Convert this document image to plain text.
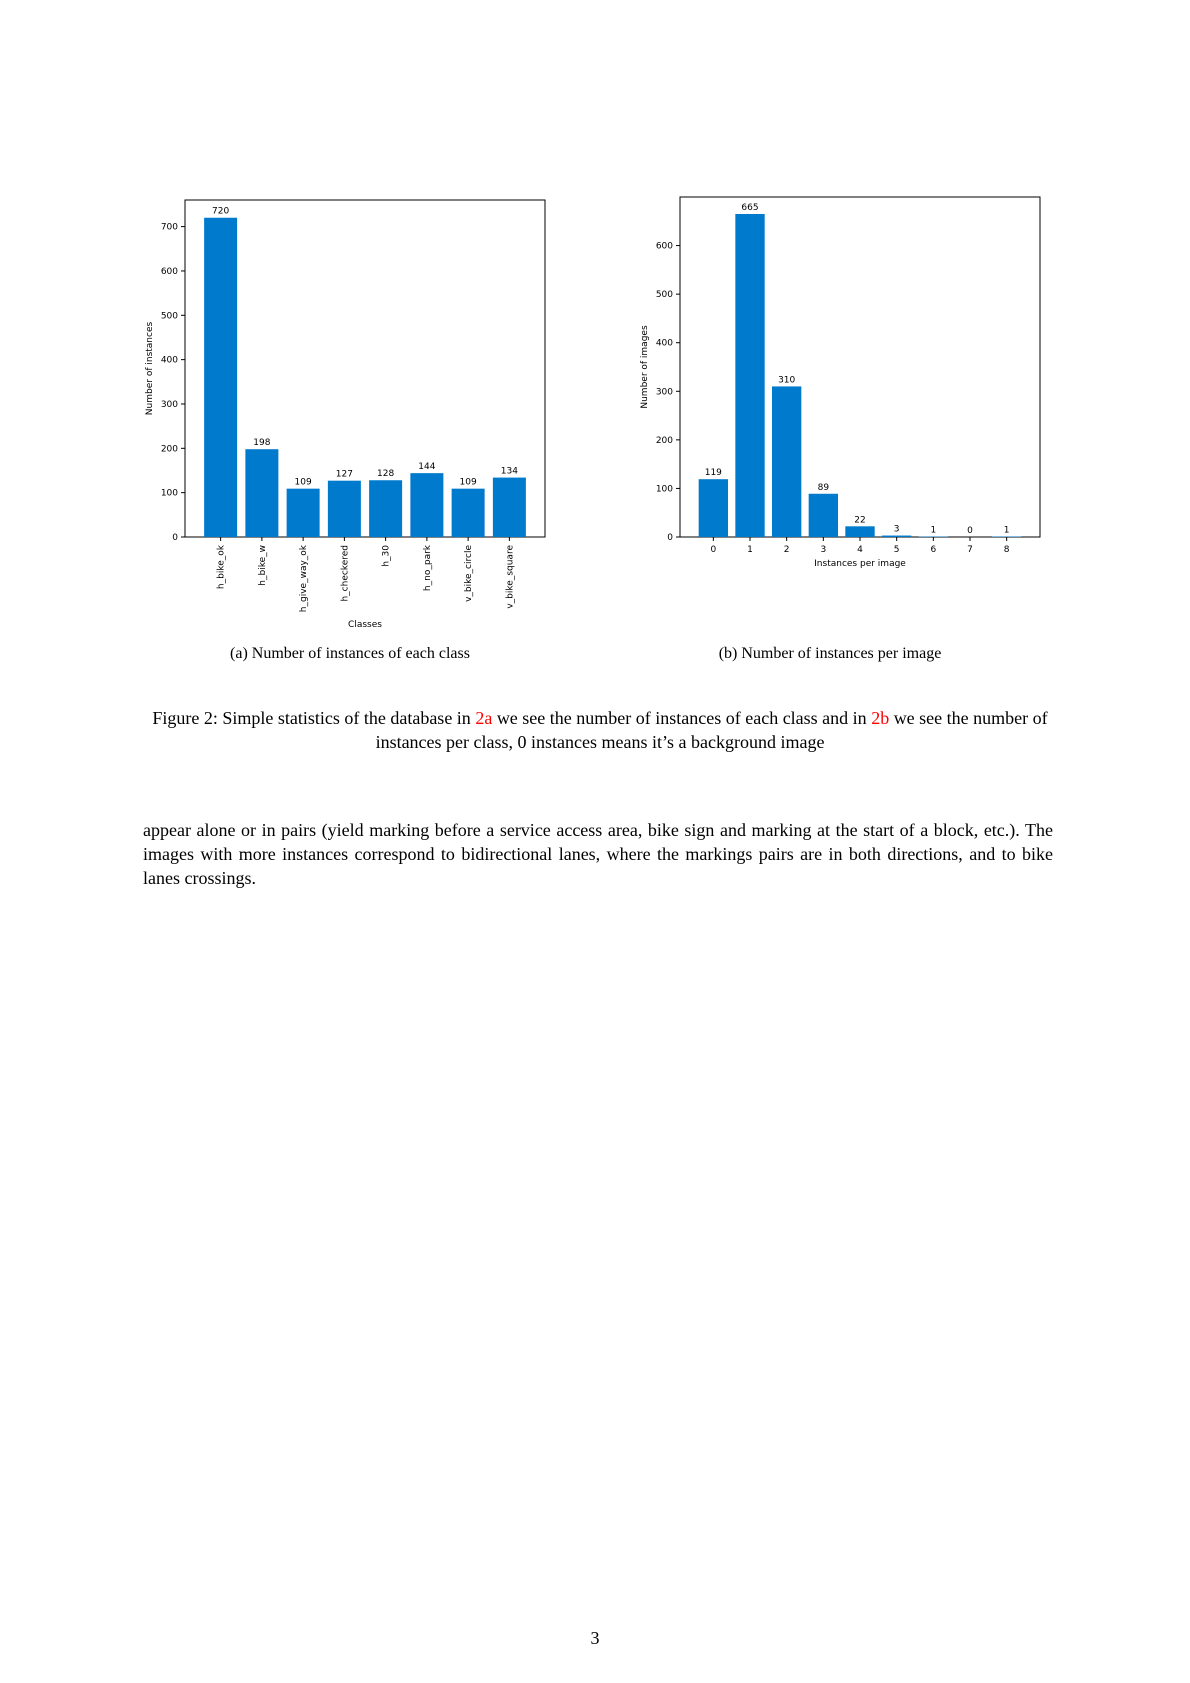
0
100
200
300
400
500
600
700
720
h_bike_ok
198
h_bike_w
109
h_give_way_ok
127
h_checkered
128
h_30
144
h_no_park
109
v_bike_circle
134
v_bike_square
Classes
Number of instances
0
100
200
300
400
500
600
119
0
665
1
310
2
89
3
22
4
3
5
1
6
0
7
1
8
Instances per image
Number of images
(a) Number of instances of each class	(b) Number of instances per image
Figure 2: Simple statistics of the database in 2a we see the number of instances of each class and in 2b we see the number of instances per class, 0 instances means it’s a background image
appear alone or in pairs (yield marking before a service access area, bike sign and marking at the start of a block, etc.). The images with more instances correspond to bidirectional lanes, where the markings pairs are in both directions, and to bike lanes crossings.
3
